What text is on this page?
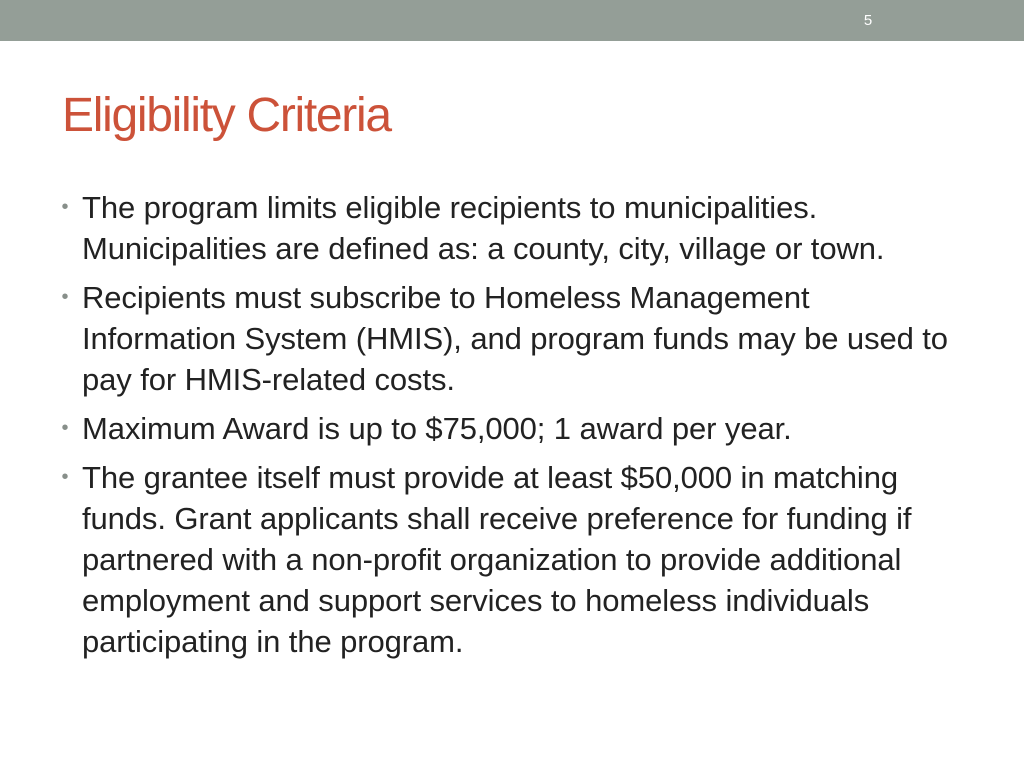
5
Eligibility Criteria
• The program limits eligible recipients to municipalities. Municipalities are defined as: a county, city, village or town.
• Recipients must subscribe to Homeless Management Information System (HMIS), and program funds may be used to pay for HMIS-related costs.
• Maximum Award is up to $75,000; 1 award per year.
• The grantee itself must provide at least $50,000 in matching funds. Grant applicants shall receive preference for funding if partnered with a non-profit organization to provide additional employment and support services to homeless individuals participating in the program.
